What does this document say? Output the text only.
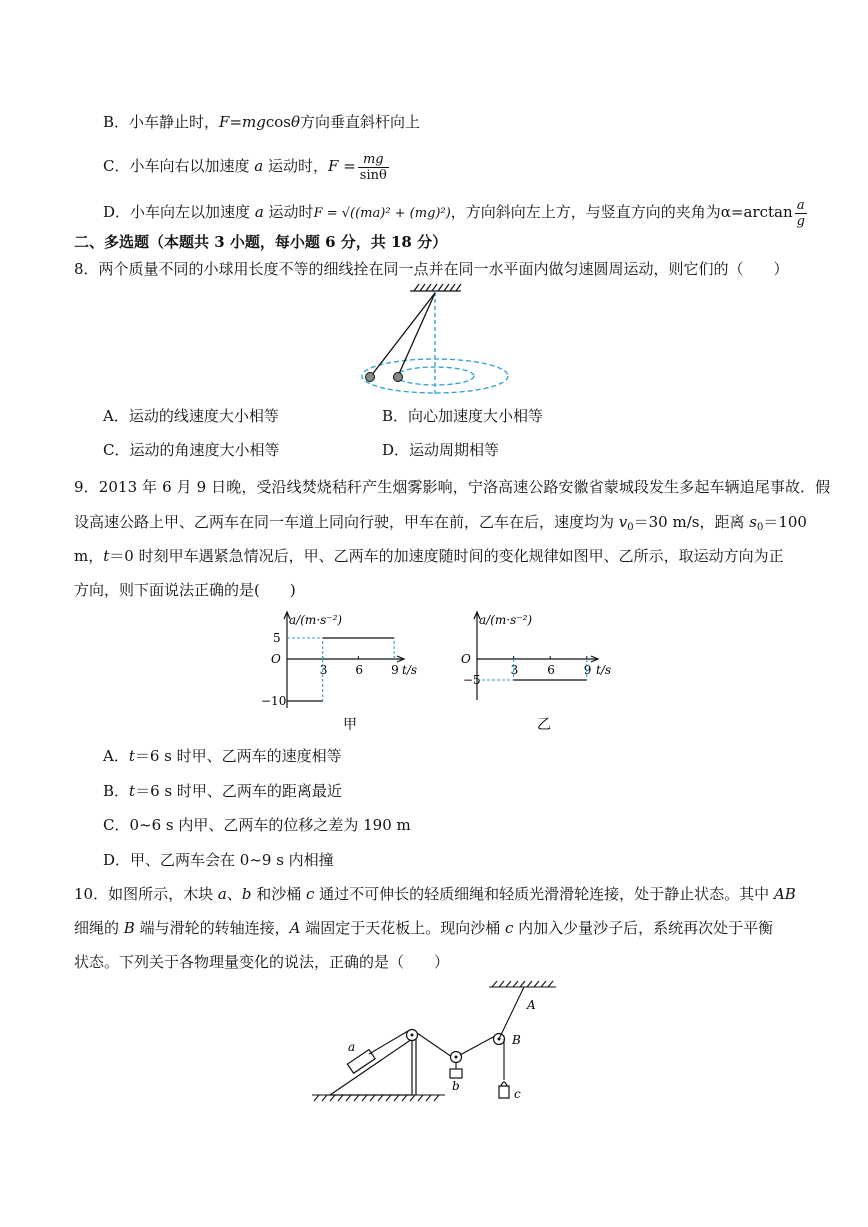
B．小车静止时，F=mgcosθ方向垂直斜杆向上
C．小车向右以加速度 a 运动时，$F = \frac{mg}{\sin\theta}$
D．小车向左以加速度 a 运动时F = √((ma)² + (mg)²)，方向斜向左上方，与竖直方向的夹角为$\alpha=\arctan \frac{a}{g}$
二、多选题（本题共 3 小题，每小题 6 分，共 18 分）
8．两个质量不同的小球用长度不等的细线拴在同一点并在同一水平面内做匀速圆周运动，则它们的（　　）
A．运动的线速度大小相等	B．向心加速度大小相等
C．运动的角速度大小相等	D．运动周期相等
9．2013 年 6 月 9 日晚，受沿线焚烧秸秆产生烟雾影响，宁洛高速公路安徽省蒙城段发生多起车辆追尾事故．假
设高速公路上甲、乙两车在同一车道上同向行驶，甲车在前，乙车在后，速度均为 $v_0=30$ m/s，距离 $s_0=100$
m，t＝0 时刻甲车遇紧急情况后，甲、乙两车的加速度随时间的变化规律如图甲、乙所示，取运动方向为正
方向，则下面说法正确的是(　　)
a/(m·s⁻²)
t/s
O
3 6 9
5
−10
甲
a/(m·s⁻²)
t/s
O
3 6 9
−5
乙
A．t＝6 s 时甲、乙两车的速度相等
B．t＝6 s 时甲、乙两车的距离最近
C．0~6 s 内甲、乙两车的位移之差为 190 m
D．甲、乙两车会在 0~9 s 内相撞
10．如图所示，木块 a、b 和沙桶 c 通过不可伸长的轻质细绳和轻质光滑滑轮连接，处于静止状态。其中 AB
细绳的 B 端与滑轮的转轴连接，A 端固定于天花板上。现向沙桶 c 内加入少量沙子后，系统再次处于平衡
状态。下列关于各物理量变化的说法，正确的是（　　）
a
b
c
A
B
